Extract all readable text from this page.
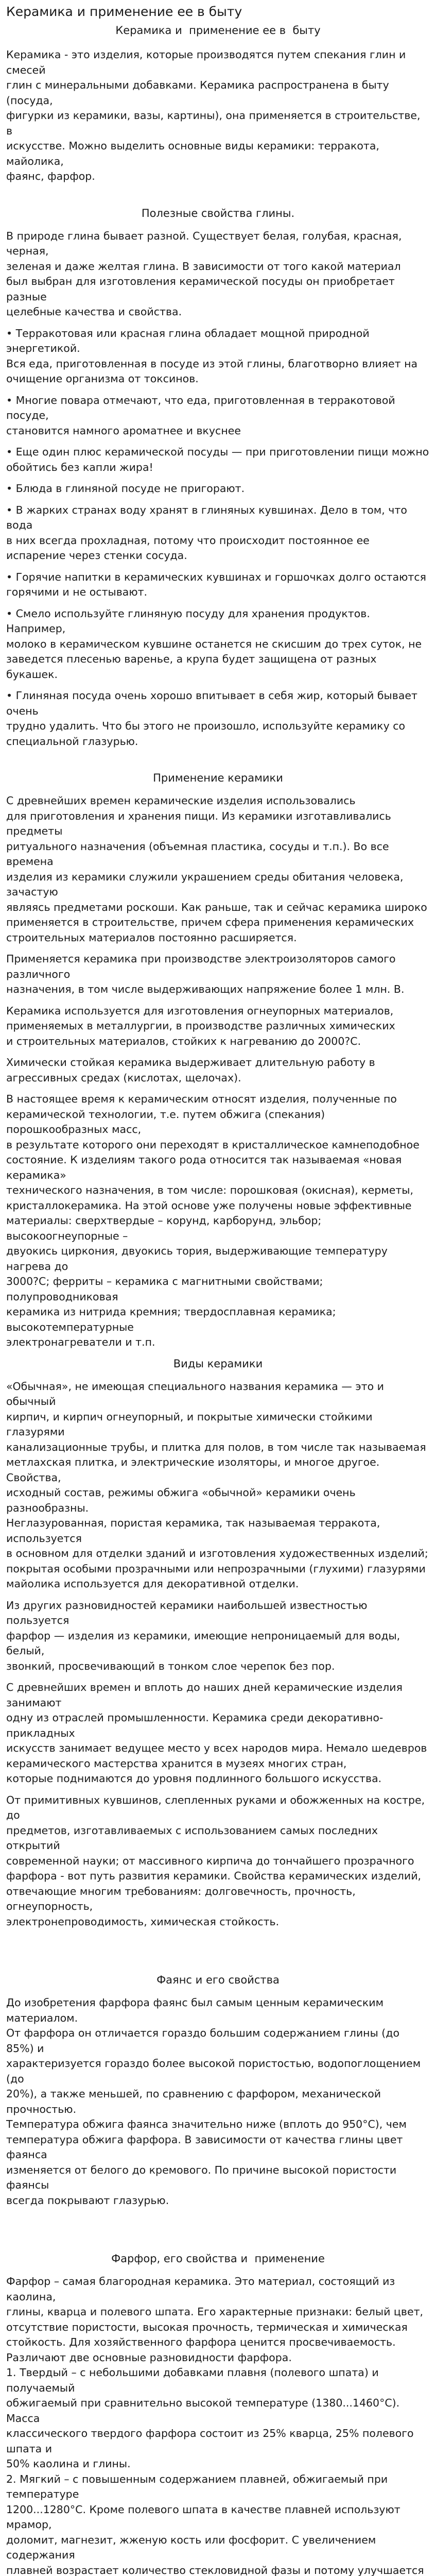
Керамика и применение ее в быту
Керамика и  применение ее в  быту

Керамика - это изделия, которые производятся путем спекания глин и смесей
глин с минеральными добавками. Керамика распространена в быту (посуда,
фигурки из керамики, вазы, картины), она применяется в строительстве, в
искусстве. Можно выделить основные виды керамики: терракота, майолика,
фаянс, фарфор.

Полезные свойства глины.

В природе глина бывает разной. Существует белая, голубая, красная, черная,
зеленая и даже желтая глина. В зависимости от того какой материал
был выбран для изготовления керамической посуды он приобретает разные
целебные качества и свойства.

• Терракотовая или красная глина обладает мощной природной энергетикой.
Вся еда, приготовленная в посуде из этой глины, благотворно влияет на
очищение организма от токсинов.

• Многие повара отмечают, что еда, приготовленная в терракотовой посуде,
становится намного ароматнее и вкуснее

• Еще один плюс керамической посуды — при приготовлении пищи можно
обойтись без капли жира!

• Блюда в глиняной посуде не пригорают.

• В жарких странах воду хранят в глиняных кувшинах. Дело в том, что вода
в них всегда прохладная, потому что происходит постоянное ее
испарение через стенки сосуда.

• Горячие напитки в керамических кувшинах и горшочках долго остаются
горячими и не остывают.

• Смело используйте глиняную посуду для хранения продуктов. Например,
молоко в керамическом кувшине останется не скисшим до трех суток, не
заведется плесенью варенье, а крупа будет защищена от разных букашек.

• Глиняная посуда очень хорошо впитывает в себя жир, который бывает очень
трудно удалить. Что бы этого не произошло, используйте керамику со
специальной глазурью.

Применение керамики

С древнейших времен керамические изделия использовались
для приготовления и хранения пищи. Из керамики изготавливались предметы
ритуального назначения (объемная пластика, сосуды и т.п.). Во все времена
изделия из керамики служили украшением среды обитания человека, зачастую
являясь предметами роскоши. Как раньше, так и сейчас керамика широко
применяется в строительстве, причем сфера применения керамических
строительных материалов постоянно расширяется.

Применяется керамика при производстве электроизоляторов самого различного
назначения, в том числе выдерживающих напряжение более 1 млн. В.

Керамика используется для изготовления огнеупорных материалов,
применяемых в металлургии, в производстве различных химических
и строительных материалов, стойких к нагреванию до 2000?С.

Химически стойкая керамика выдерживает длительную работу в
агрессивных средах (кислотах, щелочах).

В настоящее время к керамическим относят изделия, полученные по
керамической технологии, т.е. путем обжига (спекания) порошкообразных масс,
в результате которого они переходят в кристаллическое камнеподобное
состояние. К изделиям такого рода относится так называемая «новая керамика»
технического назначения, в том числе: порошковая (окисная), керметы,
кристаллокерамика. На этой основе уже получены новые эффективные
материалы: сверхтвердые – корунд, карборунд, эльбор; высокоогнеупорные –
двуокись циркония, двуокись тория, выдерживающие температуру нагрева до
3000?С; ферриты – керамика с магнитными свойствами; полупроводниковая
керамика из нитрида кремния; твердосплавная керамика; высокотемпературные
электронагреватели и т.п.

Виды керамики

«Обычная», не имеющая специального названия керамика — это и обычный
кирпич, и кирпич огнеупорный, и покрытые химически стойкими глазурями
канализационные трубы, и плитка для полов, в том числе так называемая
метлахская плитка, и электрические изоляторы, и многое другое. Свойства,
исходный состав, режимы обжига «обычной» керамики очень разнообразны.
Неглазурованная, пористая керамика, так называемая терракота, используется
в основном для отделки зданий и изготовления художественных изделий;
покрытая особыми прозрачными или непрозрачными (глухими) глазурями
майолика используется для декоративной отделки.

Из других разновидностей керамики наибольшей известностью пользуется
фарфор — изделия из керамики, имеющие непроницаемый для воды, белый,
звонкий, просвечивающий в тонком слое черепок без пор.

С древнейших времен и вплоть до наших дней керамические изделия занимают
одну из отраслей промышленности. Керамика среди декоративно-прикладных
искусств занимает ведущее место у всех народов мира. Немало шедевров
керамического мастерства хранится в музеях многих стран,
которые поднимаются до уровня подлинного большого искусства.

От примитивных кувшинов, слепленных руками и обожженных на костре, до
предметов, изготавливаемых с использованием самых последних открытий
современной науки; от массивного кирпича до тончайшего прозрачного
фарфора - вот путь развития керамики. Свойства керамических изделий,
отвечающие многим требованиям: долговечность, прочность, огнеупорность,
электронепроводимость, химическая стойкость.

Фаянс и его свойства

До изобретения фарфора фаянс был самым ценным керамическим материалом.
От фарфора он отличается гораздо большим содержанием глины (до 85%) и
характеризуется гораздо более высокой пористостью, водопоглощением (до
20%), а также меньшей, по сравнению с фарфором, механической прочностью.
Температура обжига фаянса значительно ниже (вплоть до 950°C), чем
температура обжига фарфора. В зависимости от качества глины цвет фаянса
изменяется от белого до кремового. По причине высокой пористости фаянсы
всегда покрывают глазурью.

Фарфор, его свойства и  применение

Фарфор – самая благородная керамика. Это материал, состоящий из каолина,
глины, кварца и полевого шпата. Его характерные признаки: белый цвет,
отсутствие пористости, высокая прочность, термическая и химическая
стойкость. Для хозяйственного фарфора ценится просвечиваемость.
Различают две основные разновидности фарфора.
1. Твердый – с небольшими добавками плавня (полевого шпата) и получаемый
обжигаемый при сравнительно высокой температуре (1380...1460°C). Масса
классического твердого фарфора состоит из 25% кварца, 25% полевого шпата и
50% каолина и глины.
2. Мягкий – с повышенным содержанием плавней, обжигаемый при температуре
1200...1280°C. Кроме полевого шпата в качестве плавней используют мрамор,
доломит, магнезит, жженую кость или фосфорит. С увеличением содержания
плавней возрастает количество стекловидной фазы и потому улучшается
